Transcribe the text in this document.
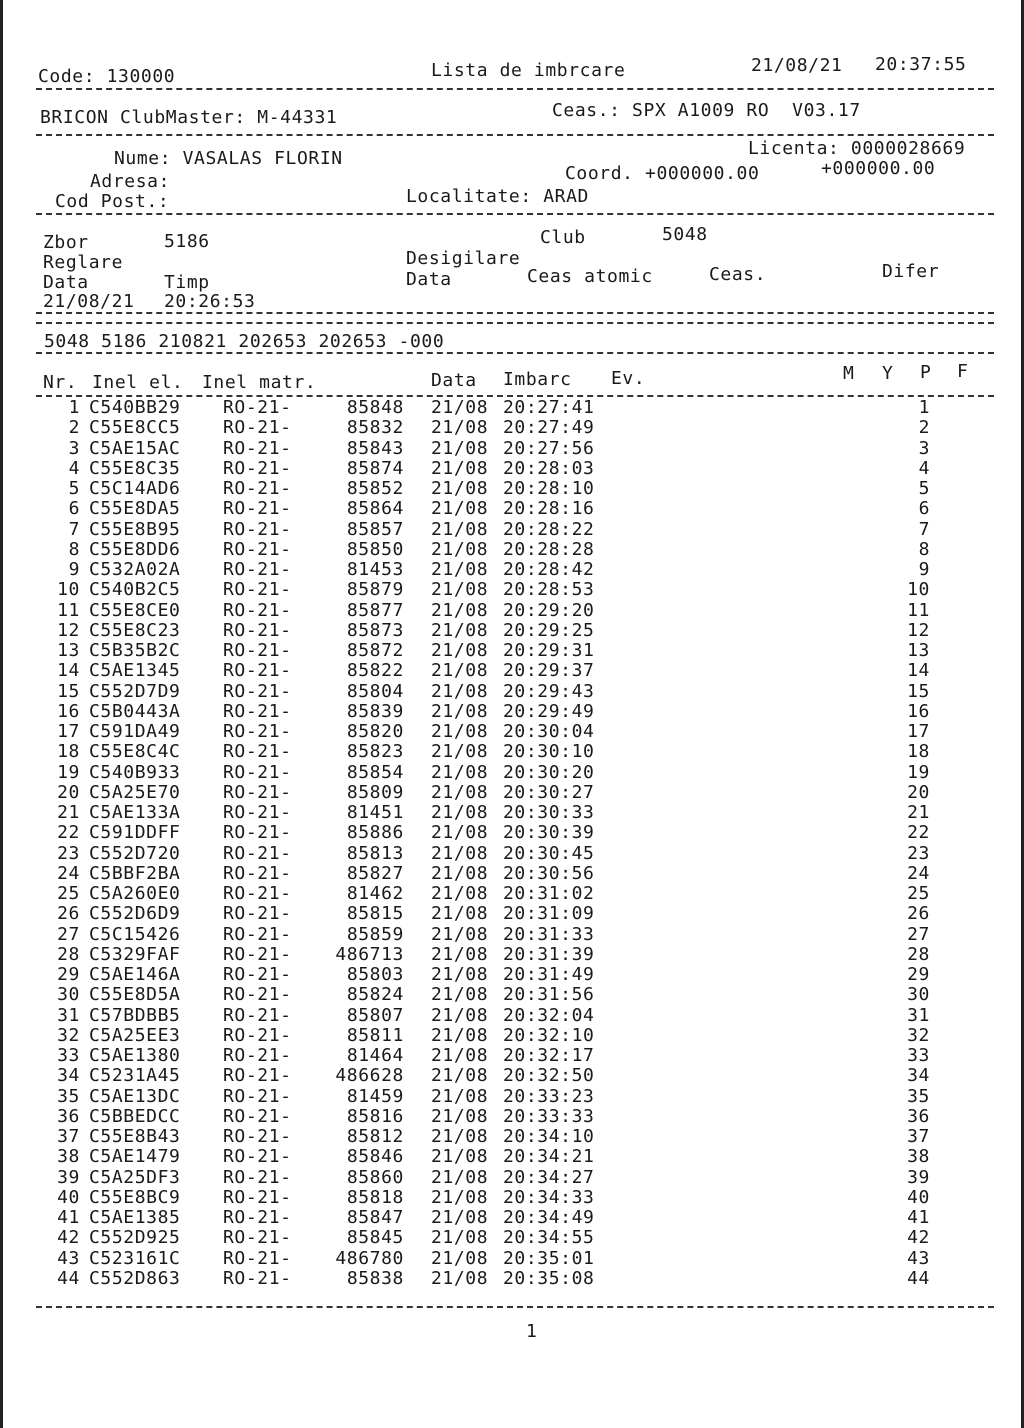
Code: 130000	Lista de imbrcare	21/08/21 20:37:55
BRICON ClubMaster: M-44331	Ceas.: SPX A1009 RO  V03.17
Nume: VASALAS FLORIN	Licenta: 0000028669
Adresa:	Coord. +000000.00	+000000.00
Cod Post.:	Localitate: ARAD
Zbor	5186	Club	5048
Reglare	Desigilare
Data	Timp	Data	Ceas atomic	Ceas.	Difer
21/08/21 20:26:53
5048 5186 210821 202653 202653 -000
Nr. Inel el. Inel matr.	Data Imbarc Ev.	M Y P F
1 C540BB29 RO-21-	85848 21/08 20:27:41	1
2 C55E8CC5 RO-21-	85832 21/08 20:27:49	2
3 C5AE15AC RO-21-	85843 21/08 20:27:56	3
4 C55E8C35 RO-21-	85874 21/08 20:28:03	4
5 C5C14AD6 RO-21-	85852 21/08 20:28:10	5
6 C55E8DA5 RO-21-	85864 21/08 20:28:16	6
7 C55E8B95 RO-21-	85857 21/08 20:28:22	7
8 C55E8DD6 RO-21-	85850 21/08 20:28:28	8
9 C532A02A RO-21-	81453 21/08 20:28:42	9
10 C540B2C5 RO-21-	85879 21/08 20:28:53	10
11 C55E8CE0 RO-21-	85877 21/08 20:29:20	11
12 C55E8C23 RO-21-	85873 21/08 20:29:25	12
13 C5B35B2C RO-21-	85872 21/08 20:29:31	13
14 C5AE1345 RO-21-	85822 21/08 20:29:37	14
15 C552D7D9 RO-21-	85804 21/08 20:29:43	15
16 C5B0443A RO-21-	85839 21/08 20:29:49	16
17 C591DA49 RO-21-	85820 21/08 20:30:04	17
18 C55E8C4C RO-21-	85823 21/08 20:30:10	18
19 C540B933 RO-21-	85854 21/08 20:30:20	19
20 C5A25E70 RO-21-	85809 21/08 20:30:27	20
21 C5AE133A RO-21-	81451 21/08 20:30:33	21
22 C591DDFF RO-21-	85886 21/08 20:30:39	22
23 C552D720 RO-21-	85813 21/08 20:30:45	23
24 C5BBF2BA RO-21-	85827 21/08 20:30:56	24
25 C5A260E0 RO-21-	81462 21/08 20:31:02	25
26 C552D6D9 RO-21-	85815 21/08 20:31:09	26
27 C5C15426 RO-21-	85859 21/08 20:31:33	27
28 C5329FAF RO-21-	486713 21/08 20:31:39	28
29 C5AE146A RO-21-	85803 21/08 20:31:49	29
30 C55E8D5A RO-21-	85824 21/08 20:31:56	30
31 C57BDBB5 RO-21-	85807 21/08 20:32:04	31
32 C5A25EE3 RO-21-	85811 21/08 20:32:10	32
33 C5AE1380 RO-21-	81464 21/08 20:32:17	33
34 C5231A45 RO-21-	486628 21/08 20:32:50	34
35 C5AE13DC RO-21-	81459 21/08 20:33:23	35
36 C5BBEDCC RO-21-	85816 21/08 20:33:33	36
37 C55E8B43 RO-21-	85812 21/08 20:34:10	37
38 C5AE1479 RO-21-	85846 21/08 20:34:21	38
39 C5A25DF3 RO-21-	85860 21/08 20:34:27	39
40 C55E8BC9 RO-21-	85818 21/08 20:34:33	40
41 C5AE1385 RO-21-	85847 21/08 20:34:49	41
42 C552D925 RO-21-	85845 21/08 20:34:55	42
43 C523161C RO-21-	486780 21/08 20:35:01	43
44 C552D863 RO-21-	85838 21/08 20:35:08	44
1
